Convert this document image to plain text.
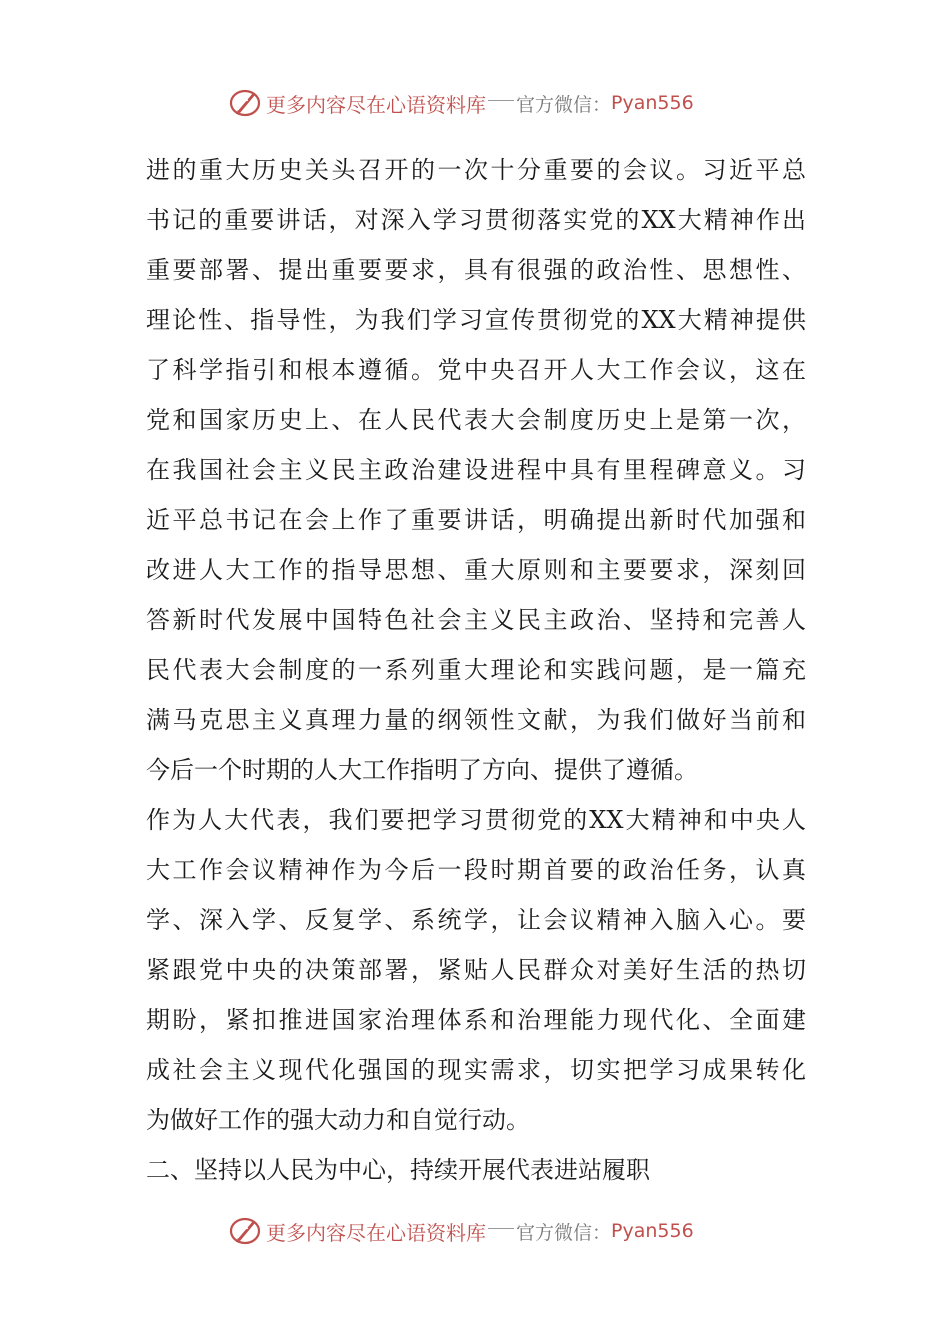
更多内容尽在心语资料库 官方微信： Pyan556
进的重大历史关头召开的一次十分重要的会议。习近平总
书记的重要讲话，对深入学习贯彻落实党的XX大精神作出
重要部署、提出重要要求，具有很强的政治性、思想性、
理论性、指导性，为我们学习宣传贯彻党的XX大精神提供
了科学指引和根本遵循。党中央召开人大工作会议，这在
党和国家历史上、在人民代表大会制度历史上是第一次，
在我国社会主义民主政治建设进程中具有里程碑意义。习
近平总书记在会上作了重要讲话，明确提出新时代加强和
改进人大工作的指导思想、重大原则和主要要求，深刻回
答新时代发展中国特色社会主义民主政治、坚持和完善人
民代表大会制度的一系列重大理论和实践问题，是一篇充
满马克思主义真理力量的纲领性文献，为我们做好当前和
今后一个时期的人大工作指明了方向、提供了遵循。
作为人大代表，我们要把学习贯彻党的XX大精神和中央人
大工作会议精神作为今后一段时期首要的政治任务，认真
学、深入学、反复学、系统学，让会议精神入脑入心。要
紧跟党中央的决策部署，紧贴人民群众对美好生活的热切
期盼，紧扣推进国家治理体系和治理能力现代化、全面建
成社会主义现代化强国的现实需求，切实把学习成果转化
为做好工作的强大动力和自觉行动。
二、坚持以人民为中心，持续开展代表进站履职
更多内容尽在心语资料库 官方微信： Pyan556
